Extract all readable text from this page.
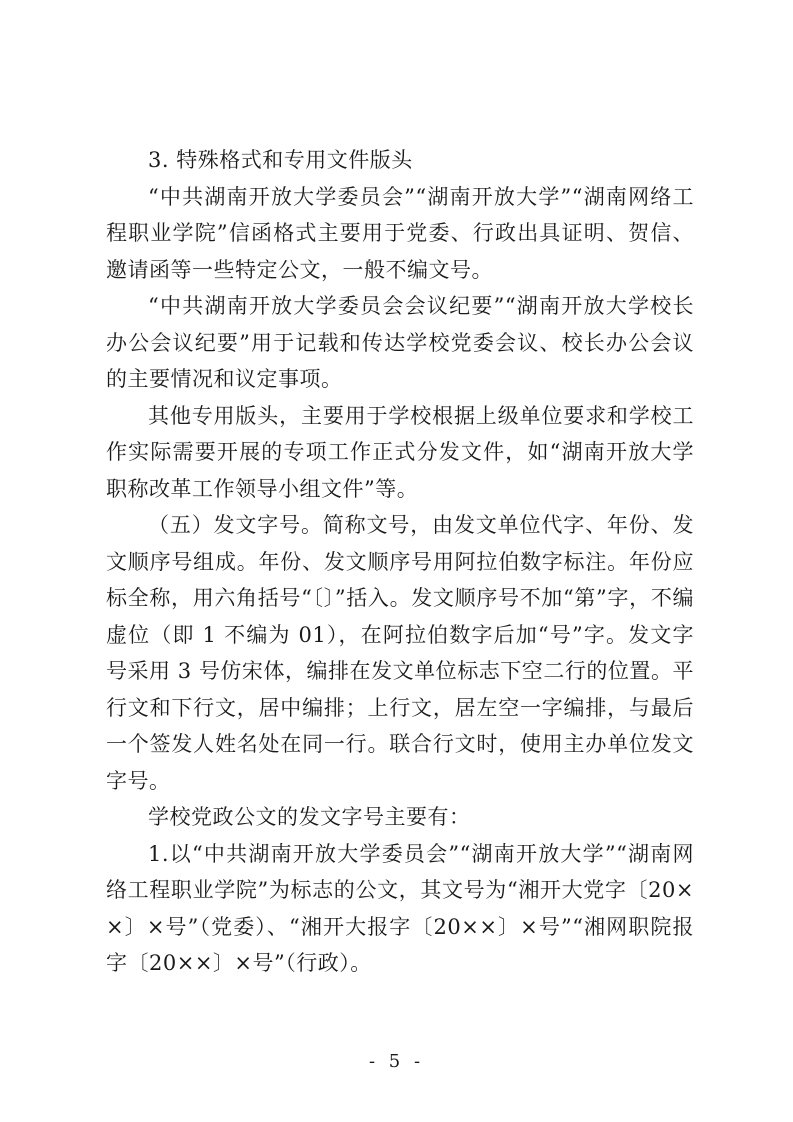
3. 特殊格式和专用文件版头

“中共湖南开放大学委员会”“湖南开放大学”“湖南网络工程职业学院”信函格式主要用于党委、行政出具证明、贺信、邀请函等一些特定公文，一般不编文号。

“中共湖南开放大学委员会会议纪要”“湖南开放大学校长办公会议纪要”用于记载和传达学校党委会议、校长办公会议的主要情况和议定事项。

其他专用版头，主要用于学校根据上级单位要求和学校工作实际需要开展的专项工作正式分发文件，如“湖南开放大学职称改革工作领导小组文件”等。

（五）发文字号。简称文号，由发文单位代字、年份、发文顺序号组成。年份、发文顺序号用阿拉伯数字标注。年份应标全称，用六角括号“〔〕”括入。发文顺序号不加“第”字，不编虚位（即 1 不编为 01），在阿拉伯数字后加“号”字。发文字号采用 3 号仿宋体，编排在发文单位标志下空二行的位置。平行文和下行文，居中编排；上行文，居左空一字编排，与最后一个签发人姓名处在同一行。联合行文时，使用主办单位发文字号。

学校党政公文的发文字号主要有：

1.以“中共湖南开放大学委员会”“湖南开放大学”“湖南网络工程职业学院”为标志的公文，其文号为“湘开大党字〔20××〕×号”（党委）、“湘开大报字〔20××〕×号”“湘网职院报字〔20××〕×号”（行政）。

- 5 -
